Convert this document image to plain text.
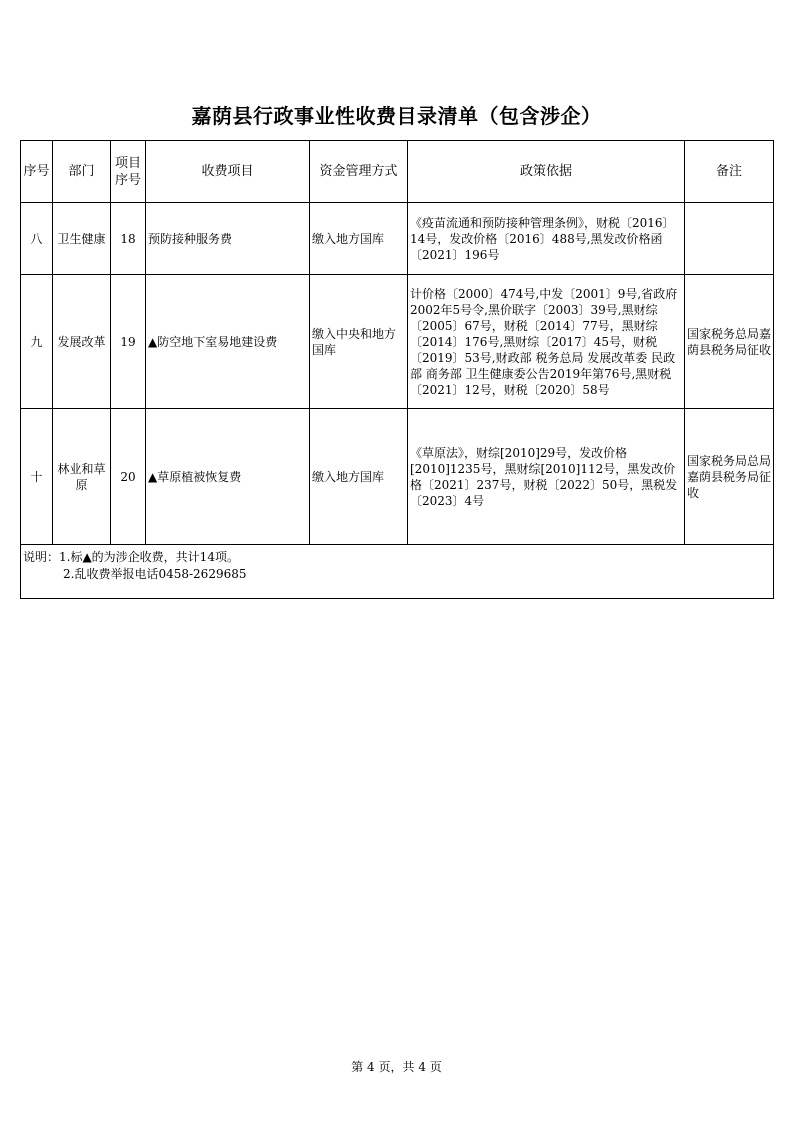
嘉荫县行政事业性收费目录清单（包含涉企）
序号	部门	项目序号	收费项目	资金管理方式	政策依据	备注
八	卫生健康	18	预防接种服务费	缴入地方国库	《疫苗流通和预防接种管理条例》，财税〔2016〕14号，发改价格〔2016〕488号,黑发改价格函〔2021〕196号	
九	发展改革	19	▲防空地下室易地建设费	缴入中央和地方国库	计价格〔2000〕474号,中发〔2001〕9号,省政府2002年5号令,黑价联字〔2003〕39号,黑财综〔2005〕67号，财税〔2014〕77号，黑财综〔2014〕176号,黑财综〔2017〕45号，财税〔2019〕53号,财政部 税务总局 发展改革委 民政部 商务部 卫生健康委公告2019年第76号,黑财税〔2021〕12号，财税〔2020〕58号	国家税务总局嘉荫县税务局征收
十	林业和草原	20	▲草原植被恢复费	缴入地方国库	《草原法》，财综[2010]29号，发改价格[2010]1235号，黑财综[2010]112号，黑发改价格〔2021〕237号，财税〔2022〕50号，黑税发〔2023〕4号	国家税务局总局嘉荫县税务局征收

说明：1.标▲的为涉企收费，共计14项。
2.乱收费举报电话0458-2629685						
第 4 页，共 4 页
